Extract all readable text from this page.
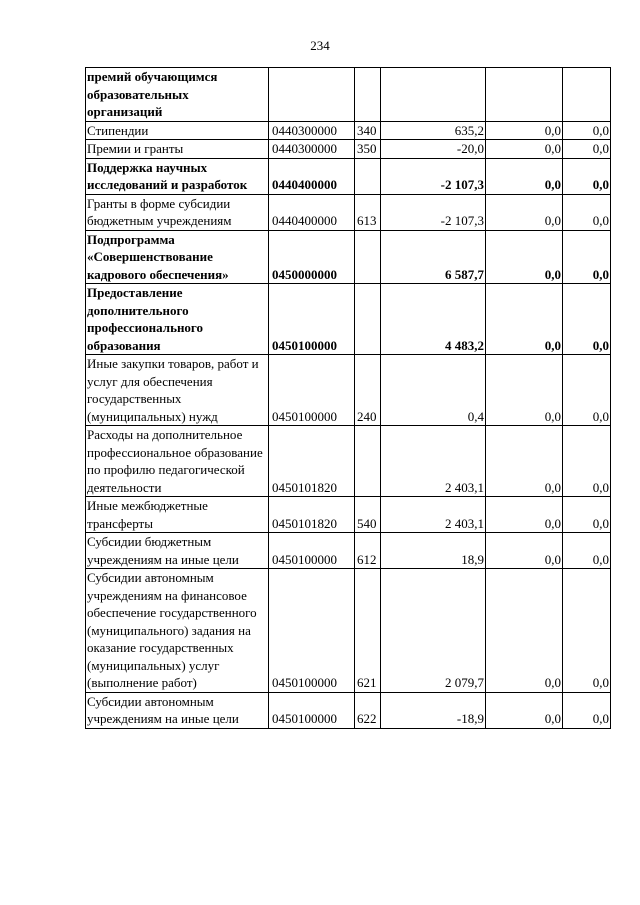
234
премий обучающимся образовательных организаций					
Стипендии	0440300000	340	635,2	0,0	0,0
Премии и гранты	0440300000	350	-20,0	0,0	0,0
Поддержка научных исследований и разработок	0440400000		-2 107,3	0,0	0,0
Гранты в форме субсидии бюджетным учреждениям	0440400000	613	-2 107,3	0,0	0,0
Подпрограмма «Совершенствование кадрового обеспечения»	0450000000		6 587,7	0,0	0,0
Предоставление дополнительного профессионального образования	0450100000		4 483,2	0,0	0,0
Иные закупки товаров, работ и услуг для обеспечения государственных (муниципальных) нужд	0450100000	240	0,4	0,0	0,0
Расходы на дополнительное профессиональное образование по профилю педагогической деятельности	0450101820		2 403,1	0,0	0,0
Иные межбюджетные трансферты	0450101820	540	2 403,1	0,0	0,0
Субсидии бюджетным учреждениям на иные цели	0450100000	612	18,9	0,0	0,0
Субсидии автономным учреждениям на финансовое обеспечение государственного (муниципального) задания на оказание государственных (муниципальных) услуг (выполнение работ)	0450100000	621	2 079,7	0,0	0,0
Субсидии автономным учреждениям на иные цели	0450100000	622	-18,9	0,0	0,0
